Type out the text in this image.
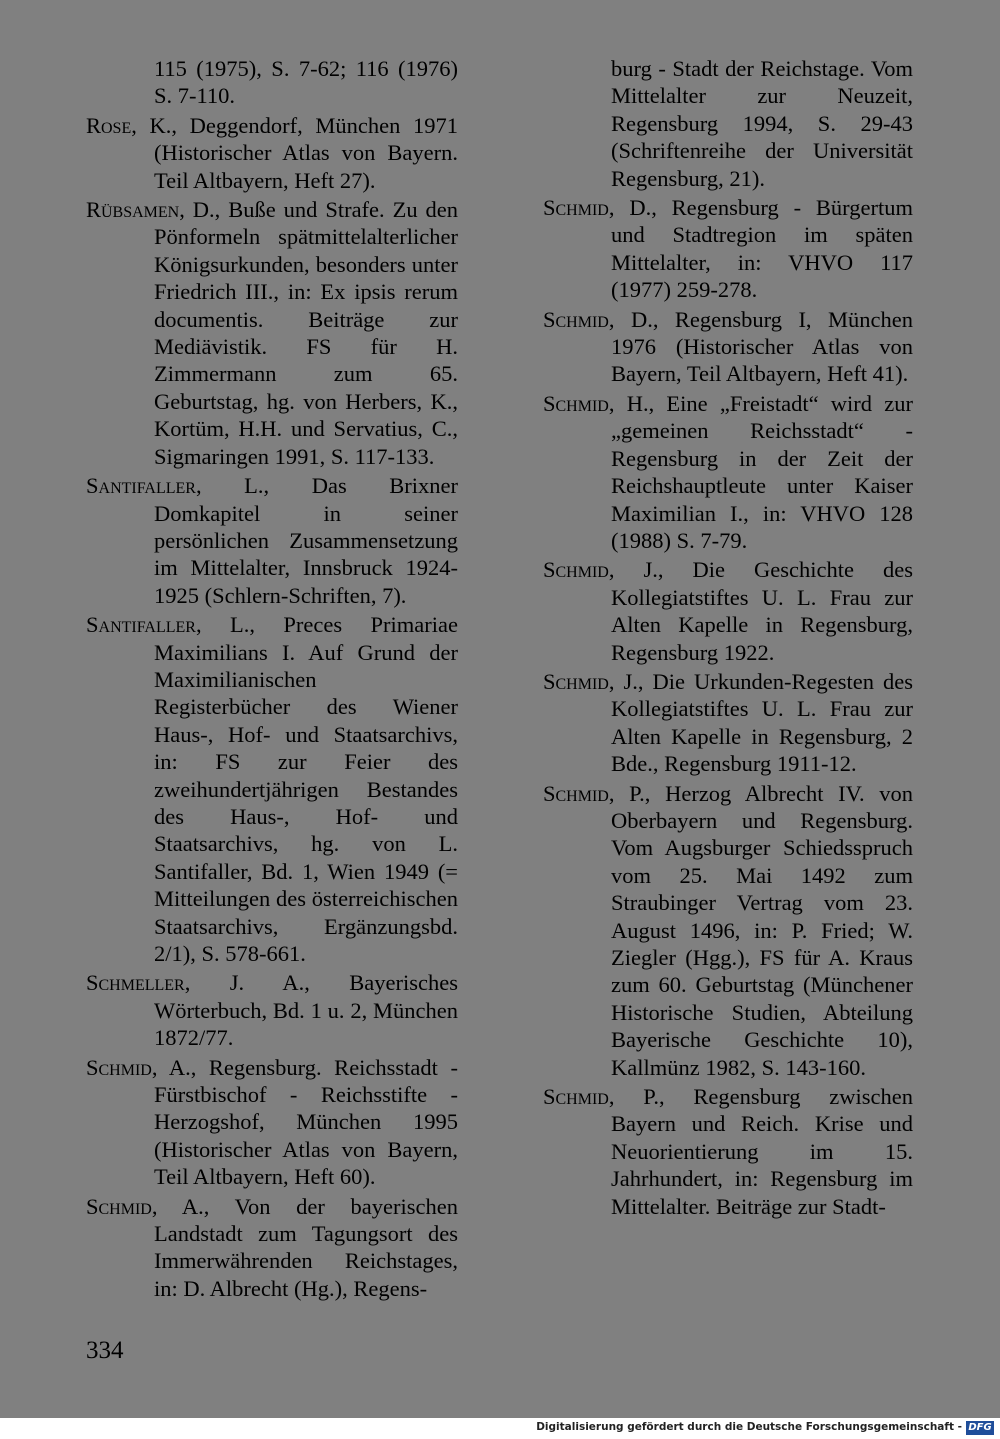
115 (1975), S. 7-62; 116 (1976) S. 7-110.

Rose, K., Deggendorf, München 1971 (Historischer Atlas von Bayern. Teil Altbayern, Heft 27).

Rübsamen, D., Buße und Strafe. Zu den Pönformeln spätmittelalterlicher Königsurkunden, besonders unter Friedrich III., in: Ex ipsis rerum documentis. Beiträge zur Mediävistik. FS für H. Zimmermann zum 65. Geburtstag, hg. von Herbers, K., Kortüm, H.H. und Servatius, C., Sigmaringen 1991, S. 117-133.

Santifaller, L., Das Brixner Domkapitel in seiner persönlichen Zusammensetzung im Mittelalter, Innsbruck 1924-1925 (Schlern-Schriften, 7).

Santifaller, L., Preces Primariae Maximilians I. Auf Grund der Maximilianischen Registerbücher des Wiener Haus-, Hof- und Staatsarchivs, in: FS zur Feier des zweihundertjährigen Bestandes des Haus-, Hof- und Staatsarchivs, hg. von L. Santifaller, Bd. 1, Wien 1949 (= Mitteilungen des österreichischen Staatsarchivs, Ergänzungsbd. 2/1), S. 578-661.

Schmeller, J. A., Bayerisches Wörterbuch, Bd. 1 u. 2, München 1872/77.

Schmid, A., Regensburg. Reichsstadt - Fürstbischof - Reichsstifte - Herzogshof, München 1995 (Historischer Atlas von Bayern, Teil Altbayern, Heft 60).

Schmid, A., Von der bayerischen Landstadt zum Tagungsort des Immerwährenden Reichstages, in: D. Albrecht (Hg.), Regens-

burg - Stadt der Reichstage. Vom Mittelalter zur Neuzeit, Regensburg 1994, S. 29-43 (Schriftenreihe der Universität Regensburg, 21).

Schmid, D., Regensburg - Bürgertum und Stadtregion im späten Mittelalter, in: VHVO 117 (1977) 259-278.

Schmid, D., Regensburg I, München 1976 (Historischer Atlas von Bayern, Teil Altbayern, Heft 41).

Schmid, H., Eine „Freistadt“ wird zur „gemeinen Reichsstadt“ - Regensburg in der Zeit der Reichshauptleute unter Kaiser Maximilian I., in: VHVO 128 (1988) S. 7-79.

Schmid, J., Die Geschichte des Kollegiatstiftes U. L. Frau zur Alten Kapelle in Regensburg, Regensburg 1922.

Schmid, J., Die Urkunden-Regesten des Kollegiatstiftes U. L. Frau zur Alten Kapelle in Regensburg, 2 Bde., Regensburg 1911-12.

Schmid, P., Herzog Albrecht IV. von Oberbayern und Regensburg. Vom Augsburger Schiedsspruch vom 25. Mai 1492 zum Straubinger Vertrag vom 23. August 1496, in: P. Fried; W. Ziegler (Hgg.), FS für A. Kraus zum 60. Geburtstag (Münchener Historische Studien, Abteilung Bayerische Geschichte 10), Kallmünz 1982, S. 143-160.

Schmid, P., Regensburg zwischen Bayern und Reich. Krise und Neuorientierung im 15. Jahrhundert, in: Regensburg im Mittelalter. Beiträge zur Stadt-

334
Digitalisierung gefördert durch die Deutsche Forschungsgemeinschaft - DFG
